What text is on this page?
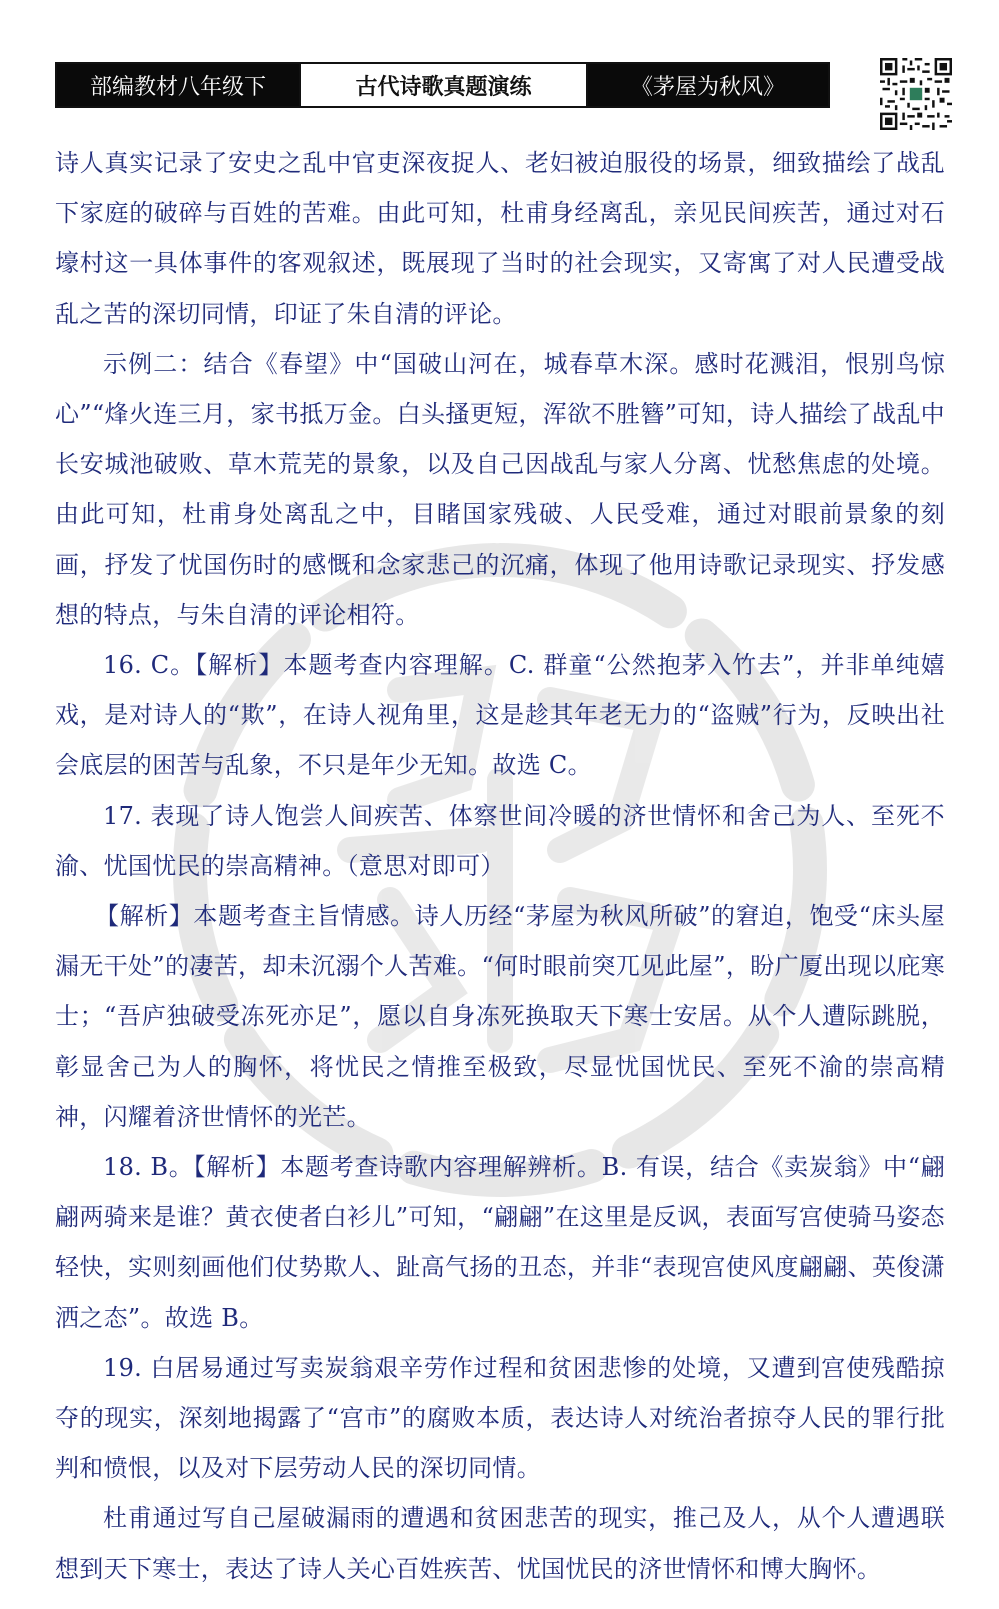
部编教材八年级下	古代诗歌真题演练	《茅屋为秋风》

诗人真实记录了安史之乱中官吏深夜捉人、老妇被迫服役的场景，细致描绘了战乱下家庭的破碎与百姓的苦难。由此可知，杜甫身经离乱，亲见民间疾苦，通过对石壕村这一具体事件的客观叙述，既展现了当时的社会现实，又寄寓了对人民遭受战乱之苦的深切同情，印证了朱自清的评论。

示例二：结合《春望》中“国破山河在，城春草木深。感时花溅泪，恨别鸟惊心”“烽火连三月，家书抵万金。白头搔更短，浑欲不胜簪”可知，诗人描绘了战乱中长安城池破败、草木荒芜的景象，以及自己因战乱与家人分离、忧愁焦虑的处境。由此可知，杜甫身处离乱之中，目睹国家残破、人民受难，通过对眼前景象的刻画，抒发了忧国伤时的感慨和念家悲己的沉痛，体现了他用诗歌记录现实、抒发感想的特点，与朱自清的评论相符。

16. C。【解析】本题考查内容理解。C. 群童“公然抱茅入竹去”，并非单纯嬉戏，是对诗人的“欺”，在诗人视角里，这是趁其年老无力的“盗贼”行为，反映出社会底层的困苦与乱象，不只是年少无知。故选 C。

17. 表现了诗人饱尝人间疾苦、体察世间冷暖的济世情怀和舍己为人、至死不渝、忧国忧民的崇高精神。（意思对即可）

【解析】本题考查主旨情感。诗人历经“茅屋为秋风所破”的窘迫，饱受“床头屋漏无干处”的凄苦，却未沉溺个人苦难。“何时眼前突兀见此屋”，盼广厦出现以庇寒士；“吾庐独破受冻死亦足”，愿以自身冻死换取天下寒士安居。从个人遭际跳脱，彰显舍己为人的胸怀，将忧民之情推至极致，尽显忧国忧民、至死不渝的崇高精神，闪耀着济世情怀的光芒。

18. B。【解析】本题考查诗歌内容理解辨析。B. 有误，结合《卖炭翁》中“翩翩两骑来是谁？黄衣使者白衫儿”可知，“翩翩”在这里是反讽，表面写宫使骑马姿态轻快，实则刻画他们仗势欺人、趾高气扬的丑态，并非“表现宫使风度翩翩、英俊潇洒之态”。故选 B。

19. 白居易通过写卖炭翁艰辛劳作过程和贫困悲惨的处境，又遭到宫使残酷掠夺的现实，深刻地揭露了“宫市”的腐败本质，表达诗人对统治者掠夺人民的罪行批判和愤恨，以及对下层劳动人民的深切同情。

杜甫通过写自己屋破漏雨的遭遇和贫困悲苦的现实，推己及人，从个人遭遇联想到天下寒士，表达了诗人关心百姓疾苦、忧国忧民的济世情怀和博大胸怀。
